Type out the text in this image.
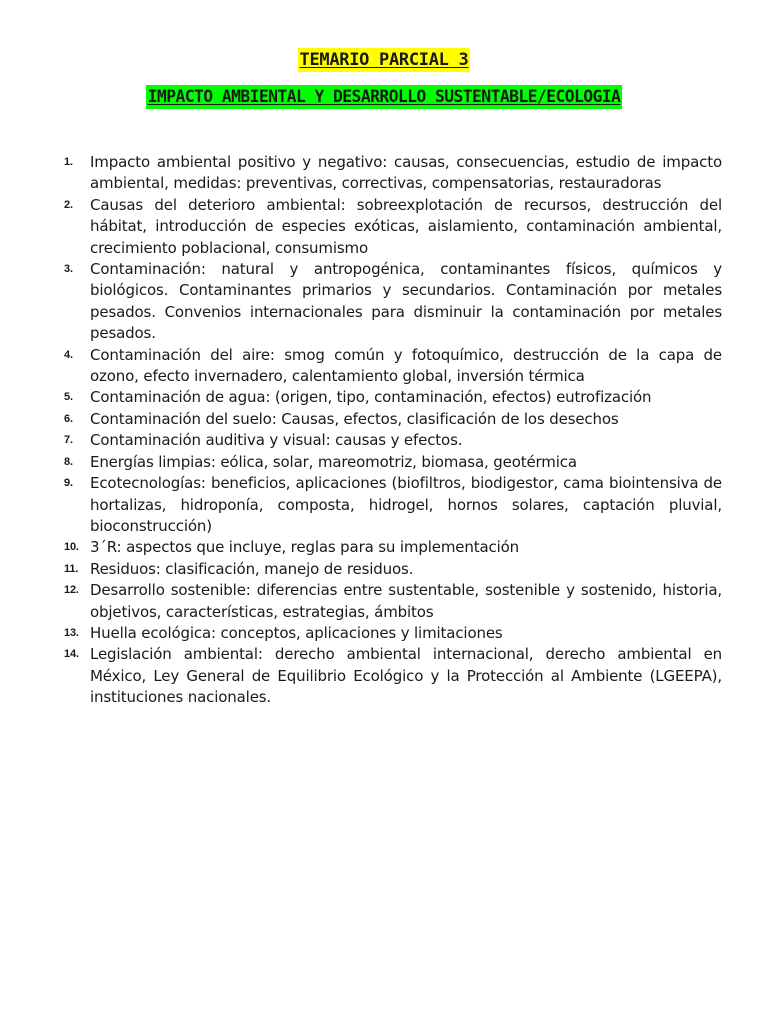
TEMARIO PARCIAL 3
IMPACTO AMBIENTAL Y DESARROLLO SUSTENTABLE/ECOLOGIA
1. Impacto ambiental positivo y negativo: causas, consecuencias, estudio de impacto ambiental, medidas: preventivas, correctivas, compensatorias, restauradoras
2. Causas del deterioro ambiental: sobreexplotación de recursos, destrucción del hábitat, introducción de especies exóticas, aislamiento, contaminación ambiental, crecimiento poblacional, consumismo
3. Contaminación: natural y antropogénica, contaminantes físicos, químicos y biológicos. Contaminantes primarios y secundarios. Contaminación por metales pesados. Convenios internacionales para disminuir la contaminación por metales pesados.
4. Contaminación del aire: smog común y fotoquímico, destrucción de la capa de ozono, efecto invernadero, calentamiento global, inversión térmica
5. Contaminación de agua: (origen, tipo, contaminación, efectos) eutrofización
6. Contaminación del suelo: Causas, efectos, clasificación de los desechos
7. Contaminación auditiva y visual: causas y efectos.
8. Energías limpias: eólica, solar, mareomotriz, biomasa, geotérmica
9. Ecotecnologías: beneficios, aplicaciones (biofiltros, biodigestor, cama biointensiva de hortalizas, hidroponía, composta, hidrogel, hornos solares, captación pluvial, bioconstrucción)
10. 3´R: aspectos que incluye, reglas para su implementación
11. Residuos: clasificación, manejo de residuos.
12. Desarrollo sostenible: diferencias entre sustentable, sostenible y sostenido, historia, objetivos, características, estrategias, ámbitos
13. Huella ecológica: conceptos, aplicaciones y limitaciones
14. Legislación ambiental: derecho ambiental internacional, derecho ambiental en México, Ley General de Equilibrio Ecológico y la Protección al Ambiente (LGEEPA), instituciones nacionales.
